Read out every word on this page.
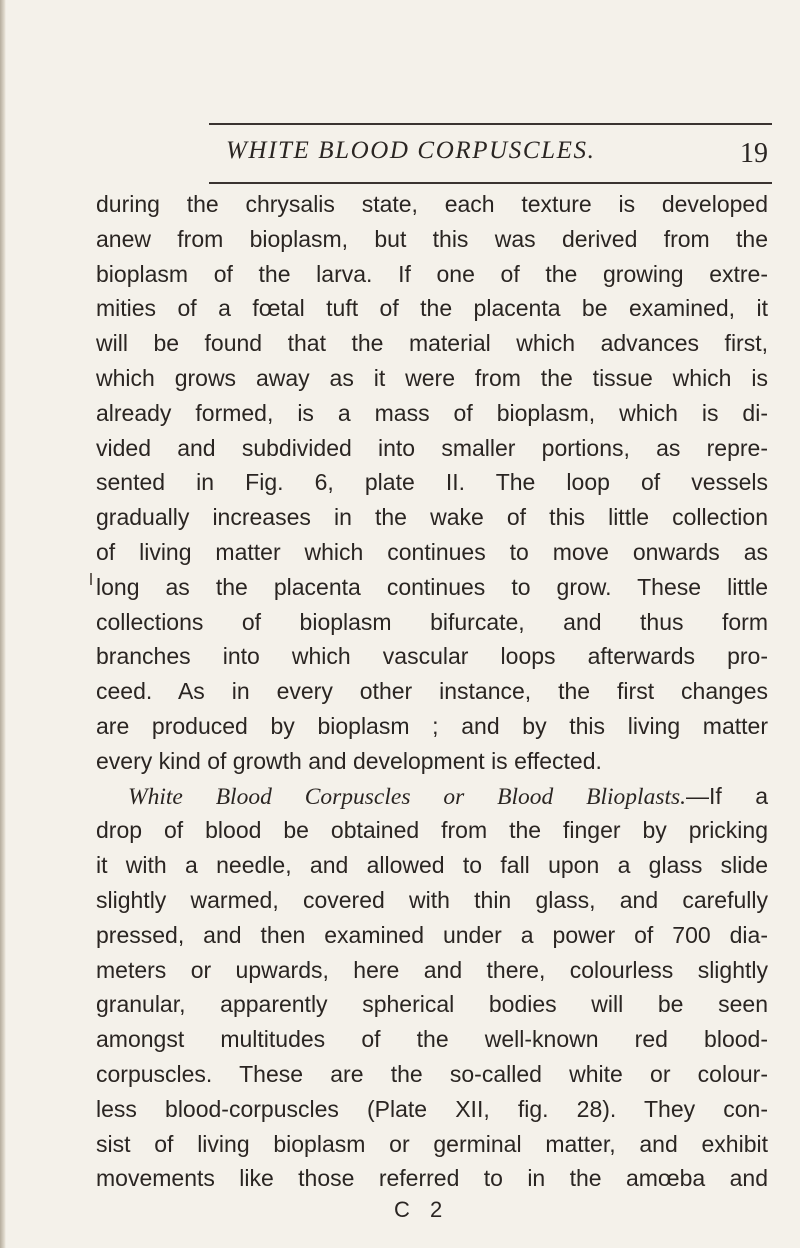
WHITE BLOOD CORPUSCLES.	19
during the chrysalis state, each texture is developed
anew from bioplasm, but this was derived from the
bioplasm of the larva. If one of the growing extre-
mities of a fœtal tuft of the placenta be examined, it
will be found that the material which advances first,
which grows away as it were from the tissue which is
already formed, is a mass of bioplasm, which is di-
vided and subdivided into smaller portions, as repre-
sented in Fig. 6, plate II. The loop of vessels
gradually increases in the wake of this little collection
of living matter which continues to move onwards as
long as the placenta continues to grow. These little
collections of bioplasm bifurcate, and thus form
branches into which vascular loops afterwards pro-
ceed. As in every other instance, the first changes
are produced by bioplasm ; and by this living matter
every kind of growth and development is effected.
White Blood Corpuscles or Blood Blioplasts.—If a
drop of blood be obtained from the finger by pricking
it with a needle, and allowed to fall upon a glass slide
slightly warmed, covered with thin glass, and carefully
pressed, and then examined under a power of 700 dia-
meters or upwards, here and there, colourless slightly
granular, apparently spherical bodies will be seen
amongst multitudes of the well-known red blood-
corpuscles. These are the so-called white or colour-
less blood-corpuscles (Plate XII, fig. 28). They con-
sist of living bioplasm or germinal matter, and exhibit
movements like those referred to in the amœba and
C 2
